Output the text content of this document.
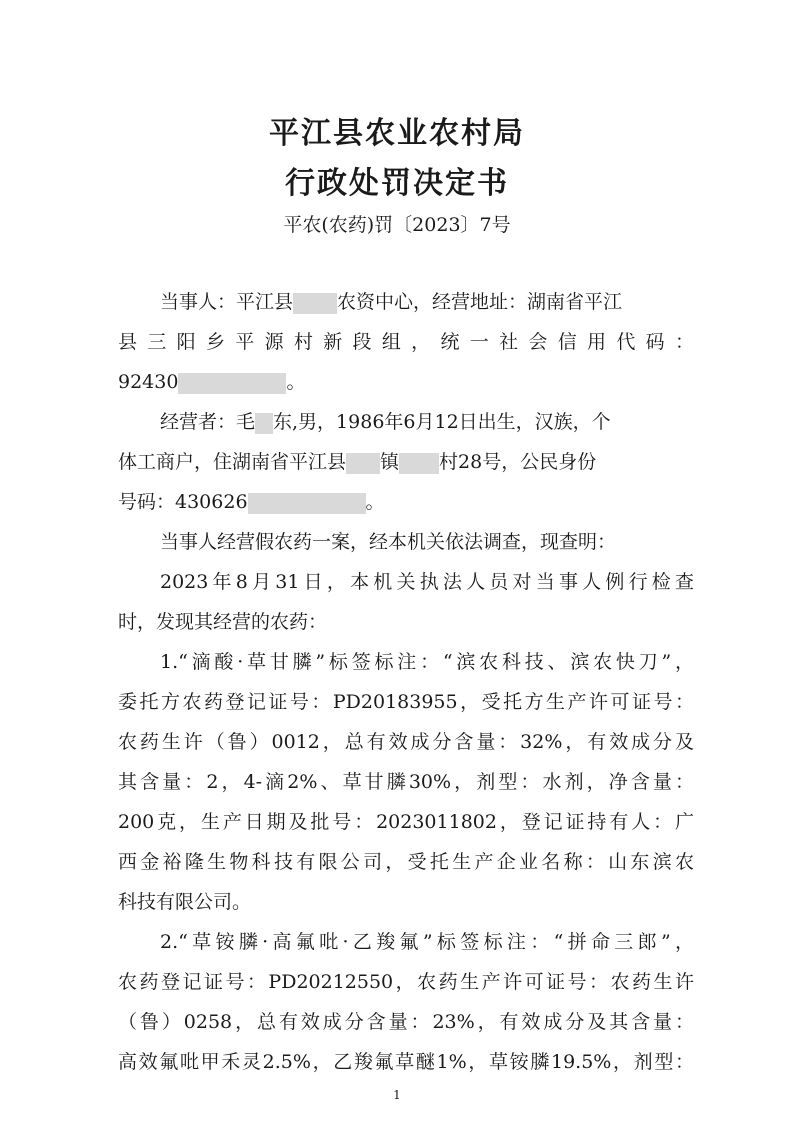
平江县农业农村局
行政处罚决定书
平农(农药)罚〔2023〕7号
当事人：平江县 农资中心，经营地址：湖南省平江
县三阳乡平源村新段组，统一社会信用代码：
92430	。
经营者：毛 东,男，1986年6月12日出生，汉族，个
体工商户，住湖南省平江县 镇 村28号，公民身份
号码：430626	。
当事人经营假农药一案，经本机关依法调查，现查明：
2023年8月31日，本机关执法人员对当事人例行检查
时，发现其经营的农药：
1.“滴酸·草甘膦”标签标注：“滨农科技、滨农快刀”，
委托方农药登记证号：PD20183955，受托方生产许可证号：
农药生许（鲁）0012，总有效成分含量：32%，有效成分及
其含量：2，4-滴2%、草甘膦30%，剂型：水剂，净含量：
200克，生产日期及批号：2023011802，登记证持有人：广
西金裕隆生物科技有限公司，受托生产企业名称：山东滨农
科技有限公司。
2.“草铵膦·高氟吡·乙羧氟”标签标注：“拼命三郎”，
农药登记证号：PD20212550，农药生产许可证号：农药生许
（鲁）0258，总有效成分含量：23%，有效成分及其含量：
高效氟吡甲禾灵2.5%，乙羧氟草醚1%，草铵膦19.5%，剂型：
1
